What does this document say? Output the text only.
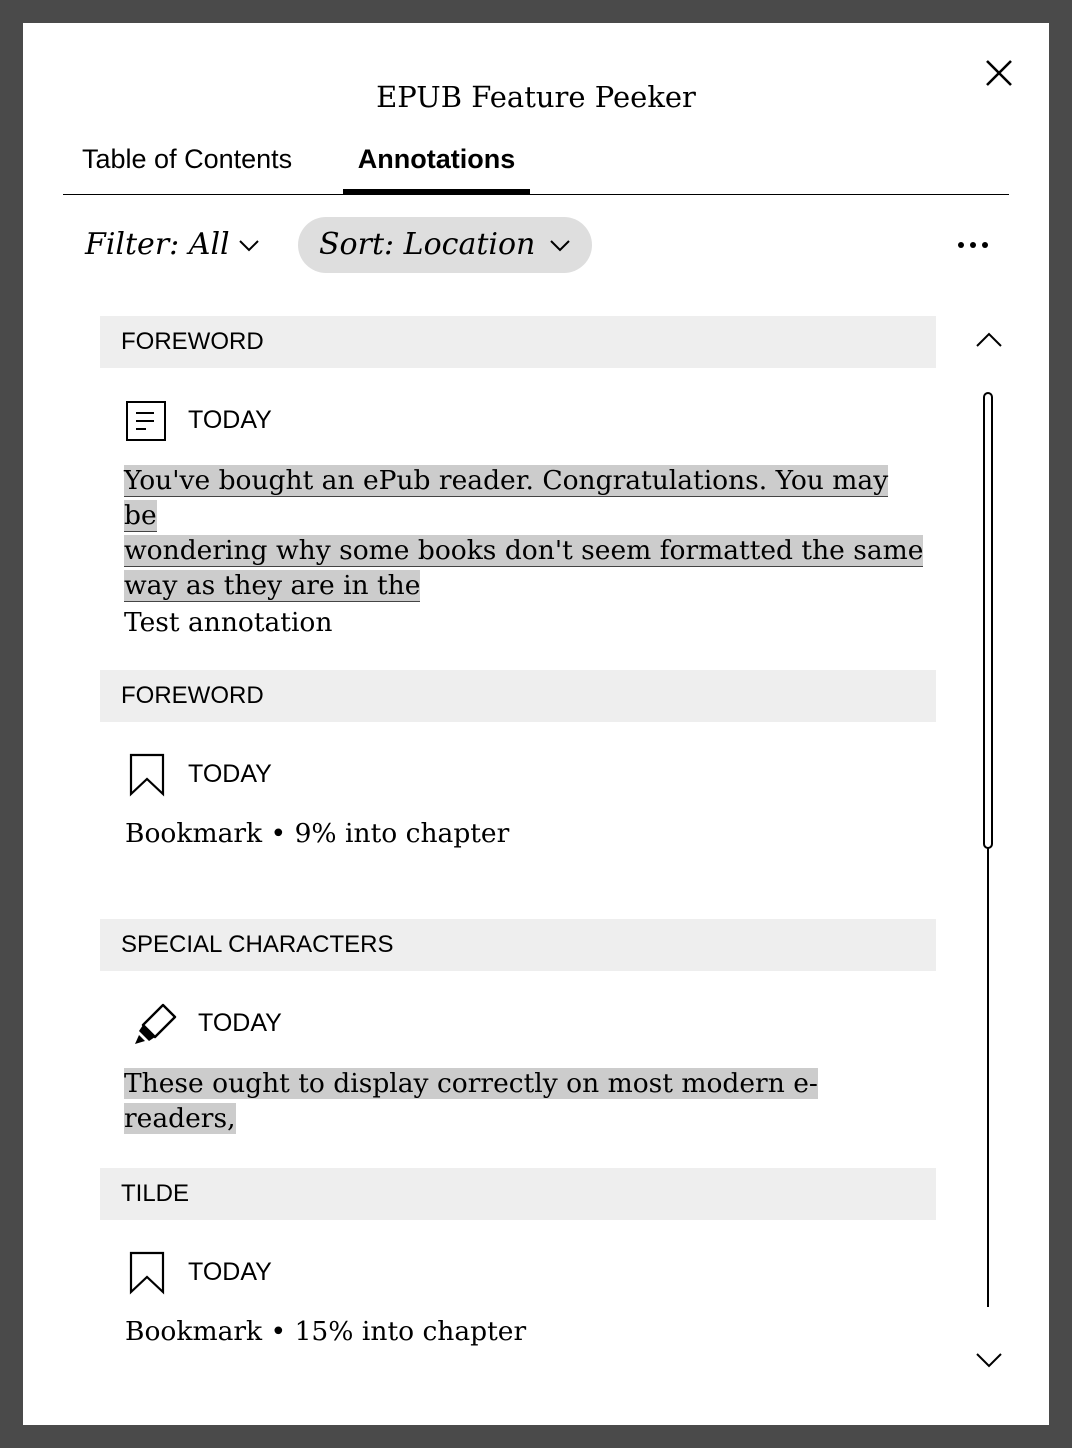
EPUB Feature Peeker
Table of Contents	Annotations
Filter: All	Sort: Location
FOREWORD
TODAY
You've bought an ePub reader. Congratulations. You may be
wondering why some books don't seem formatted the same
way as they are in the
Test annotation
FOREWORD
TODAY
Bookmark • 9% into chapter
SPECIAL CHARACTERS
TODAY
These ought to display correctly on most modern e-readers,
TILDE
TODAY
Bookmark • 15% into chapter
